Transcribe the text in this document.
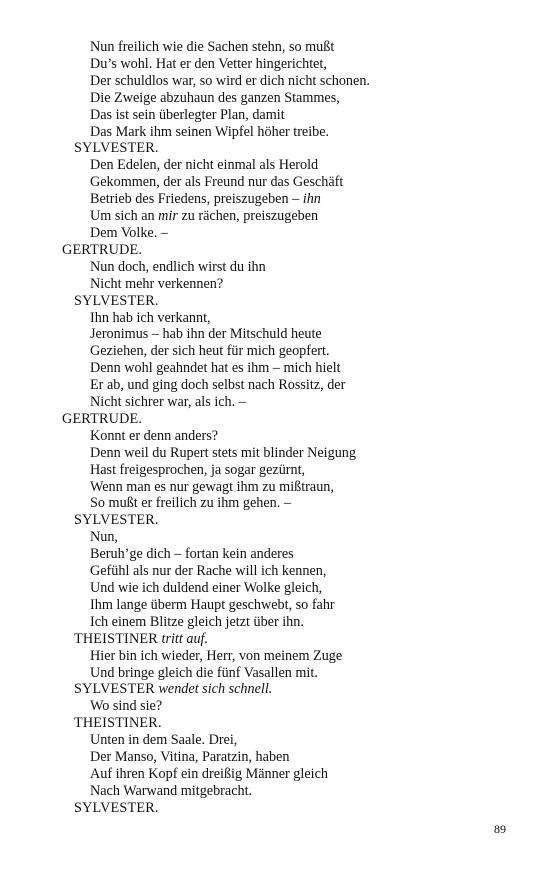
Nun freilich wie die Sachen stehn, so mußt
Du’s wohl. Hat er den Vetter hingerichtet,
Der schuldlos war, so wird er dich nicht schonen.
Die Zweige abzuhaun des ganzen Stammes,
Das ist sein überlegter Plan, damit
Das Mark ihm seinen Wipfel höher treibe.
SYLVESTER.
Den Edelen, der nicht einmal als Herold
Gekommen, der als Freund nur das Geschäft
Betrieb des Friedens, preiszugeben – ihn
Um sich an mir zu rächen, preiszugeben
Dem Volke. –
GERTRUDE.
Nun doch, endlich wirst du ihn
Nicht mehr verkennen?
SYLVESTER.
Ihn hab ich verkannt,
Jeronimus – hab ihn der Mitschuld heute
Geziehen, der sich heut für mich geopfert.
Denn wohl geahndet hat es ihm – mich hielt
Er ab, und ging doch selbst nach Rossitz, der
Nicht sichrer war, als ich. –
GERTRUDE.
Konnt er denn anders?
Denn weil du Rupert stets mit blinder Neigung
Hast freigesprochen, ja sogar gezürnt,
Wenn man es nur gewagt ihm zu mißtraun,
So mußt er freilich zu ihm gehen. –
SYLVESTER.
Nun,
Beruh’ge dich – fortan kein anderes
Gefühl als nur der Rache will ich kennen,
Und wie ich duldend einer Wolke gleich,
Ihm lange überm Haupt geschwebt, so fahr
Ich einem Blitze gleich jetzt über ihn.
THEISTINER tritt auf.
Hier bin ich wieder, Herr, von meinem Zuge
Und bringe gleich die fünf Vasallen mit.
SYLVESTER wendet sich schnell.
Wo sind sie?
THEISTINER.
Unten in dem Saale. Drei,
Der Manso, Vitina, Paratzin, haben
Auf ihren Kopf ein dreißig Männer gleich
Nach Warwand mitgebracht.
SYLVESTER.
89
